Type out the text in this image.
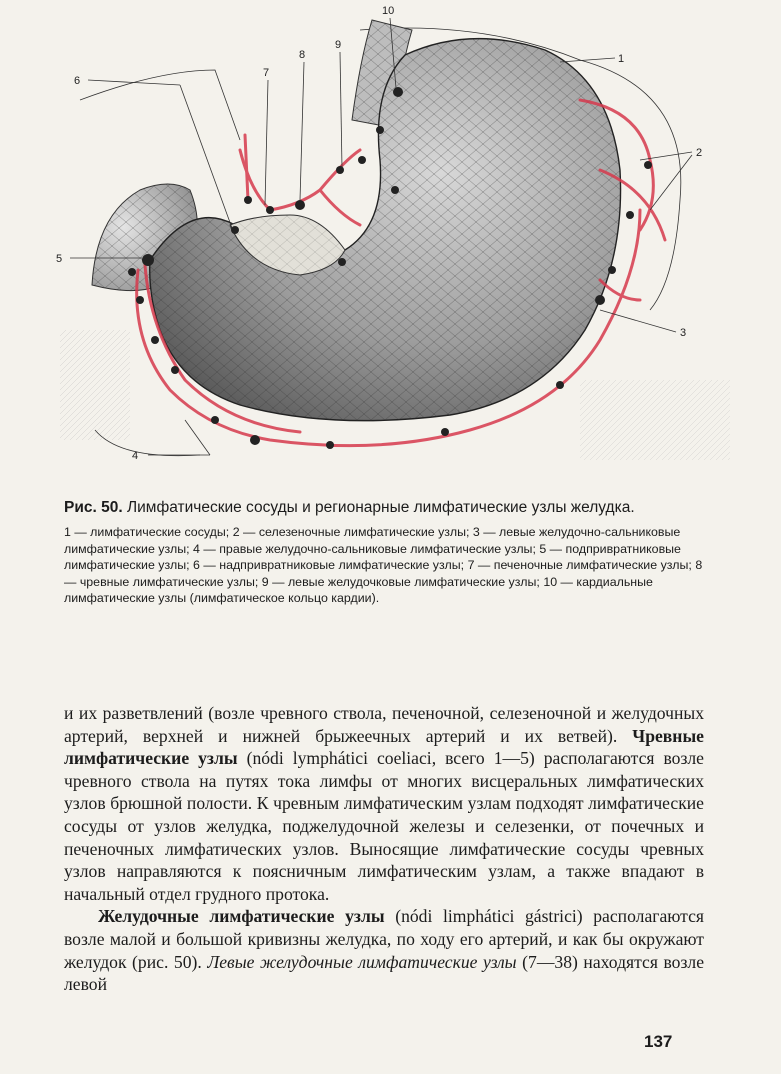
1
2
3
4
5
6
7
8
9
10

Рис. 50. Лимфатические сосуды и регионарные лимфатические узлы желудка.

1 — лимфатические сосуды; 2 — селезеночные лимфатические узлы; 3 — левые желудочно-сальниковые лимфатические узлы; 4 — правые желудочно-сальниковые лимфатические узлы; 5 — подпривратниковые лимфатические узлы; 6 — надпривратниковые лимфатические узлы; 7 — печеночные лимфатические узлы; 8 — чревные лимфатические узлы; 9 — левые желудочковые лимфатические узлы; 10 — кардиальные лимфатические узлы (лимфатическое кольцо кардии).

и их разветвлений (возле чревного ствола, печеночной, селезеночной и желудочных артерий, верхней и нижней брыжеечных артерий и их ветвей). Чревные лимфатические узлы (nódi lymphátici coeliaci, всего 1—5) располагаются возле чревного ствола на путях тока лимфы от многих висцеральных лимфатических узлов брюшной полости. К чревным лимфатическим узлам подходят лимфатические сосуды от узлов желудка, поджелудочной железы и селезенки, от почечных и печеночных лимфатических узлов. Выносящие лимфатические сосуды чревных узлов направляются к поясничным лимфатическим узлам, а также впадают в начальный отдел грудного протока.

Желудочные лимфатические узлы (nódi limphátici gástrici) располагаются возле малой и большой кривизны желудка, по ходу его артерий, и как бы окружают желудок (рис. 50). Левые желудочные лимфатические узлы (7—38) находятся возле левой

137
